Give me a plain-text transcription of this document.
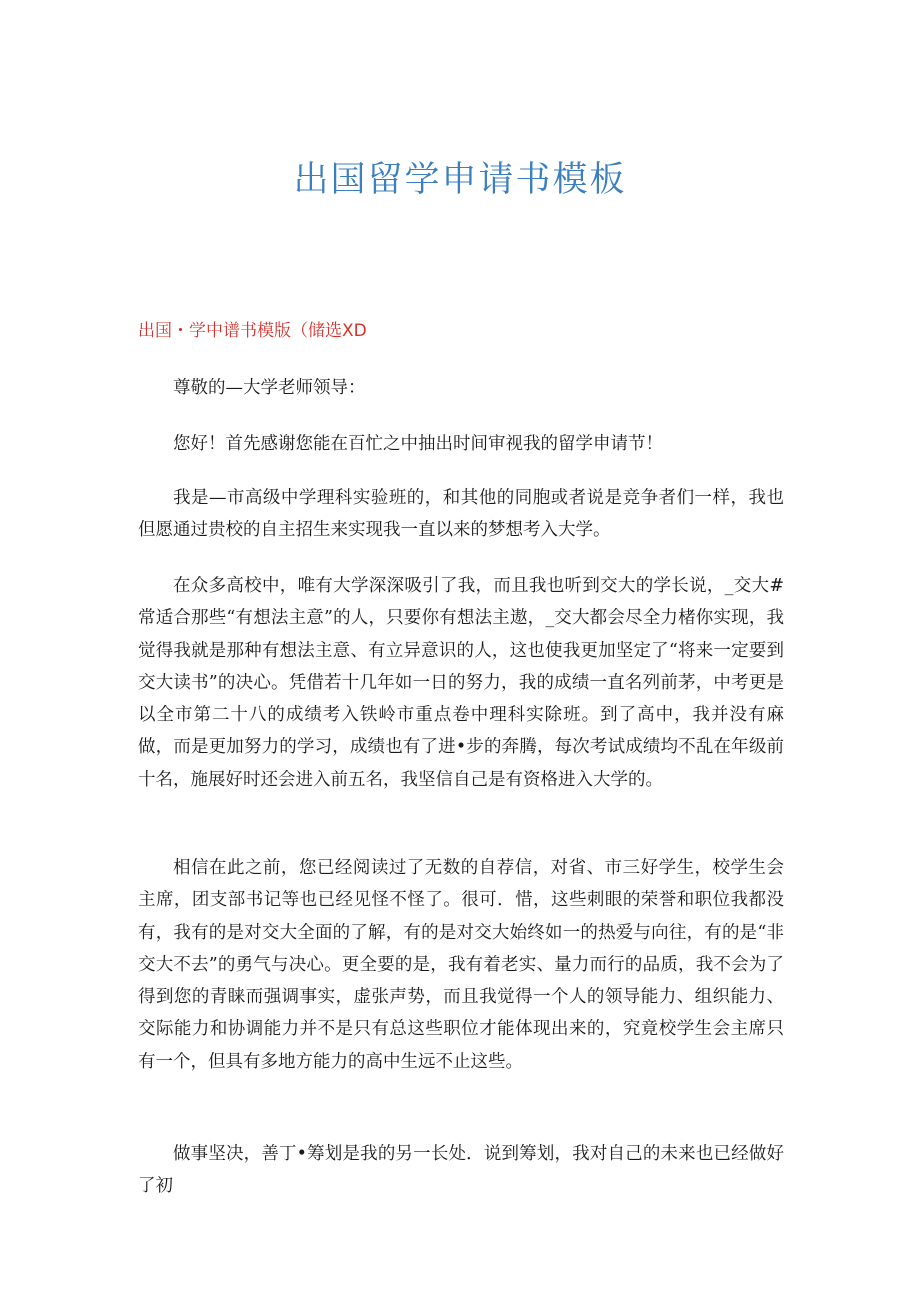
出国留学申请书模板

出国・学中谱书模版（储选XD

尊敬的—大学老师领导：

您好！首先感谢您能在百忙之中抽出时间审视我的留学申请节！

我是—市高级中学理科实验班的，和其他的同胞或者说是竞争者们一样，我也但愿通过贵校的自主招生来实现我一直以来的梦想考入大学。

在众多高校中，唯有大学深深吸引了我，而且我也听到交大的学长说，_交大#常适合那些“有想法主意”的人，只要你有想法主遨，_交大都会尽全力楮你实现，我觉得我就是那种有想法主意、有立异意识的人，这也使我更加坚定了“将来一定要到交大读书”的决心。凭借若十几年如一日的努力，我的成绩一直名列前茅，中考更是以全市第二十八的成绩考入铁岭市重点卷中理科实除班。到了高中，我并没有麻做，而是更加努力的学习，成绩也有了进•步的奔腾，每次考试成绩均不乱在年级前十名，施展好时还会进入前五名，我坚信自己是有资格进入大学的。

相信在此之前，您已经阅读过了无数的自荐信，对省、市三好学生，校学生会主席，团支部书记等也已经见怪不怪了。很可．惜，这些刺眼的荣誉和职位我都没有，我有的是对交大全面的了解，有的是对交大始终如一的热爱与向往，有的是“非交大不去”的勇气与决心。更全要的是，我有着老实、量力而行的品质，我不会为了得到您的青睐而强调事实，虚张声势，而且我觉得一个人的领导能力、组织能力、交际能力和协调能力并不是只有总这些职位才能体现出来的，究竟校学生会主席只有一个，但具有多地方能力的高中生远不止这些。

做事坚决，善丁•筹划是我的另一长处．说到筹划，我对自己的未来也已经做好了初
